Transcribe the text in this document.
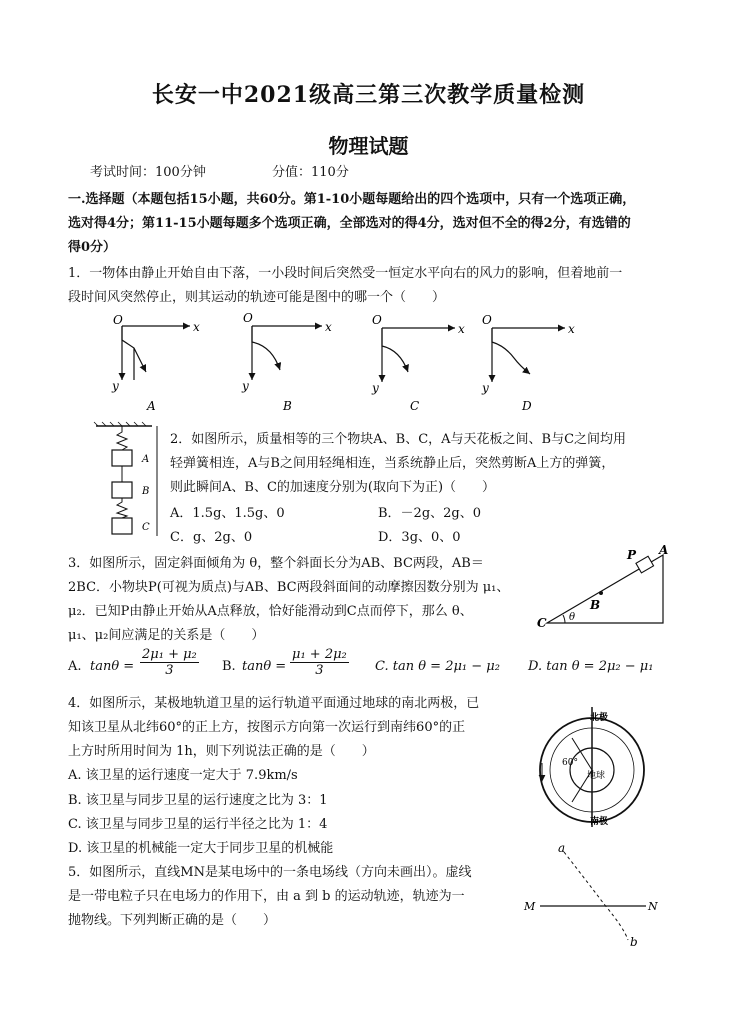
长安一中2021级高三第三次教学质量检测
物理试题
考试时间：100分钟	分值：110分
一.选择题（本题包括15小题，共60分。第1-10小题每题给出的四个选项中，只有一个选项正确，
选对得4分；第11-15小题每题多个选项正确，全部选对的得4分，选对但不全的得2分，有选错的
得0分）
1．一物体由静止开始自由下落，一小段时间后突然受一恒定水平向右的风力的影响，但着地前一
段时间风突然停止，则其运动的轨迹可能是图中的哪一个（　　）
O	x
y
A
O
x
y
B
O
x
y
C
O
x
y
D
A
B
C
2．如图所示，质量相等的三个物块A、B、C，A与天花板之间、B与C之间均用
轻弹簧相连，A与B之间用轻绳相连，当系统静止后，突然剪断A上方的弹簧，
则此瞬间A、B、C的加速度分别为(取向下为正)（　　）
A．1.5g、1.5g、0	B．－2g、2g、0
C．g、2g、0	D．3g、0、0
3．如图所示，固定斜面倾角为 θ，整个斜面长分为AB、BC两段，AB＝
2BC．小物块P(可视为质点)与AB、BC两段斜面间的动摩擦因数分别为 μ₁、
μ₂．已知P由静止开始从A点释放，恰好能滑动到C点而停下，那么 θ、
μ₁、μ₂间应满足的关系是（　　）
P A
B
C θ
A. $\tan\theta = \frac{\text{2μ₁ + μ₂}}{3} B$. $\tan\theta = \frac{\text{μ₁ + 2μ₂}}{3} C$. tan θ = 2μ₁ − μ₂ D. tan θ = 2μ₂ − μ₁
4．如图所示，某极地轨道卫星的运行轨道平面通过地球的南北两极，已
知该卫星从北纬60°的正上方，按图示方向第一次运行到南纬60°的正
上方时所用时间为 1h，则下列说法正确的是（　　）
A. 该卫星的运行速度一定大于 7.9km/s
B. 该卫星与同步卫星的运行速度之比为 3：1
C. 该卫星与同步卫星的运行半径之比为 1：4
D. 该卫星的机械能一定大于同步卫星的机械能
北极
南极
地球
60°
5．如图所示，直线MN是某电场中的一条电场线（方向未画出）。虚线
是一带电粒子只在电场力的作用下，由 a 到 b 的运动轨迹，轨迹为一
抛物线。下列判断正确的是（　　）
a
b
M	N
